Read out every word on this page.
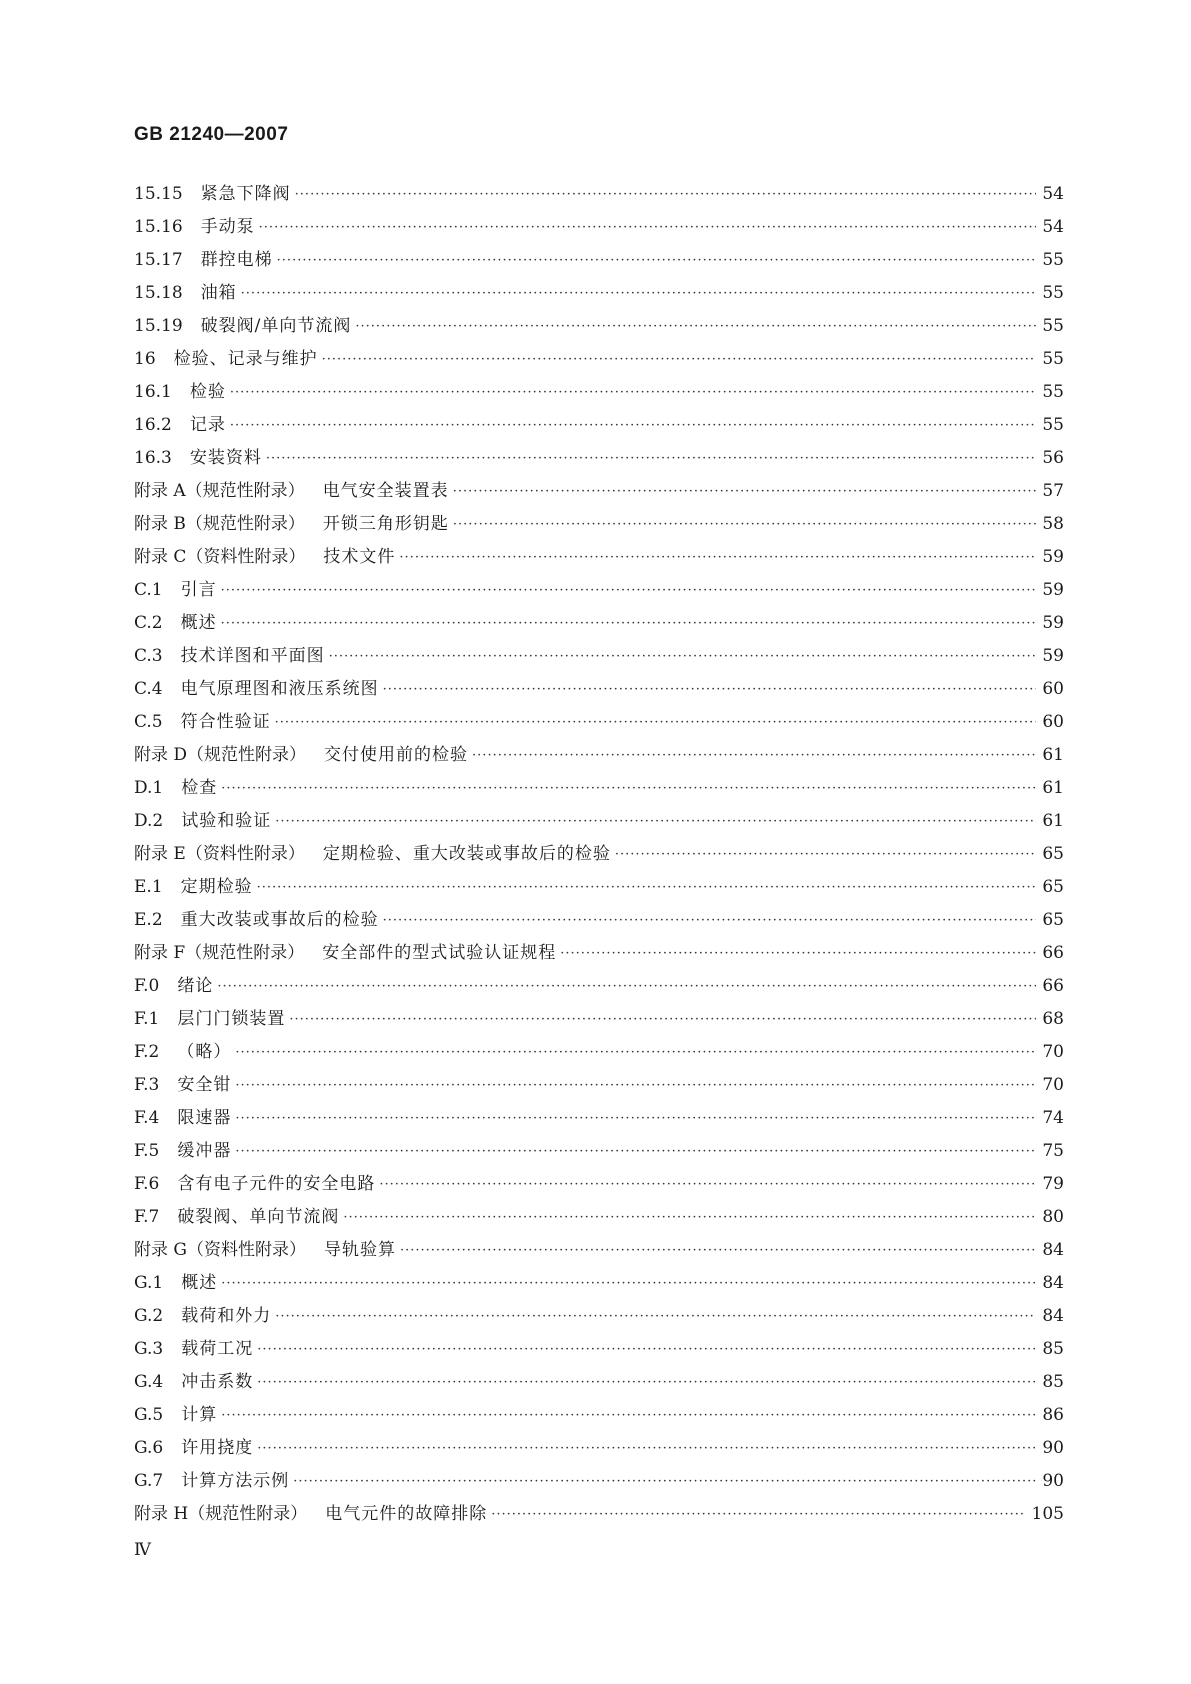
GB 21240—2007
15.15 紧急下降阀 ·····	54
15.16 手动泵 ·····	54
15.17 群控电梯 ·····	55
15.18 油箱 ·····	55
15.19 破裂阀/单向节流阀 ·····	55
16 检验、记录与维护 ·····	55
16.1 检验 ·····	55
16.2 记录 ·····	55
16.3 安装资料 ·····	56
附录 A（规范性附录） 电气安全装置表 ·····	57
附录 B（规范性附录） 开锁三角形钥匙 ·····	58
附录 C（资料性附录） 技术文件 ·····	59
C.1 引言 ·····	59
C.2 概述 ·····	59
C.3 技术详图和平面图 ·····	59
C.4 电气原理图和液压系统图 ·····	60
C.5 符合性验证 ·····	60
附录 D（规范性附录） 交付使用前的检验 ·····	61
D.1 检查 ·····	61
D.2 试验和验证 ·····	61
附录 E（资料性附录） 定期检验、重大改装或事故后的检验 ·····	65
E.1 定期检验 ·····	65
E.2 重大改装或事故后的检验 ·····	65
附录 F（规范性附录） 安全部件的型式试验认证规程 ·····	66
F.0 绪论 ·····	66
F.1 层门门锁装置 ·····	68
F.2 （略） ·····	70
F.3 安全钳 ·····	70
F.4 限速器 ·····	74
F.5 缓冲器 ·····	75
F.6 含有电子元件的安全电路 ·····	79
F.7 破裂阀、单向节流阀 ·····	80
附录 G（资料性附录） 导轨验算 ·····	84
G.1 概述 ·····	84
G.2 载荷和外力 ·····	84
G.3 载荷工况 ·····	85
G.4 冲击系数 ·····	85
G.5 计算 ·····	86
G.6 许用挠度 ·····	90
G.7 计算方法示例 ·····	90
附录 H（规范性附录） 电气元件的故障排除 ·····	105
Ⅳ
